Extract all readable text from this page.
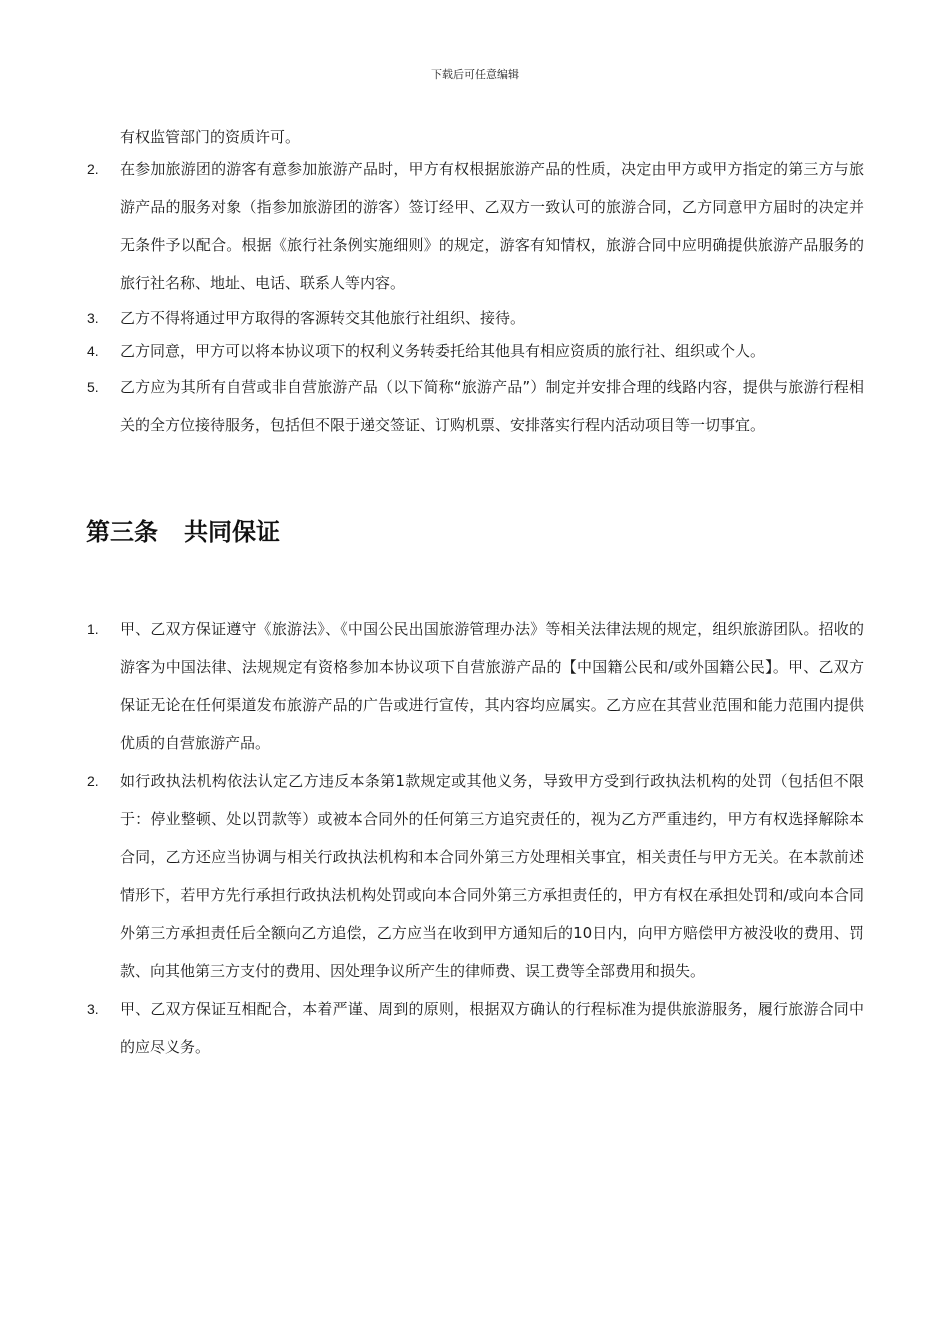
下载后可任意编辑
有权监管部门的资质许可。
2. 在参加旅游团的游客有意参加旅游产品时，甲方有权根据旅游产品的性质，决定由甲方或甲方指定的第三方与旅游产品的服务对象（指参加旅游团的游客）签订经甲、乙双方一致认可的旅游合同，乙方同意甲方届时的决定并无条件予以配合。根据《旅行社条例实施细则》的规定，游客有知情权，旅游合同中应明确提供旅游产品服务的旅行社名称、地址、电话、联系人等内容。
3. 乙方不得将通过甲方取得的客源转交其他旅行社组织、接待。
4. 乙方同意，甲方可以将本协议项下的权利义务转委托给其他具有相应资质的旅行社、组织或个人。
5. 乙方应为其所有自营或非自营旅游产品（以下简称“旅游产品”）制定并安排合理的线路内容，提供与旅游行程相关的全方位接待服务，包括但不限于递交签证、订购机票、安排落实行程内活动项目等一切事宜。
第三条 共同保证
1. 甲、乙双方保证遵守《旅游法》、《中国公民出国旅游管理办法》等相关法律法规的规定，组织旅游团队。招收的游客为中国法律、法规规定有资格参加本协议项下自营旅游产品的【中国籍公民和/或外国籍公民】。甲、乙双方保证无论在任何渠道发布旅游产品的广告或进行宣传，其内容均应属实。乙方应在其营业范围和能力范围内提供优质的自营旅游产品。
2. 如行政执法机构依法认定乙方违反本条第1款规定或其他义务，导致甲方受到行政执法机构的处罚（包括但不限于：停业整顿、处以罚款等）或被本合同外的任何第三方追究责任的，视为乙方严重违约，甲方有权选择解除本合同，乙方还应当协调与相关行政执法机构和本合同外第三方处理相关事宜，相关责任与甲方无关。在本款前述情形下，若甲方先行承担行政执法机构处罚或向本合同外第三方承担责任的，甲方有权在承担处罚和/或向本合同外第三方承担责任后全额向乙方追偿，乙方应当在收到甲方通知后的10日内，向甲方赔偿甲方被没收的费用、罚款、向其他第三方支付的费用、因处理争议所产生的律师费、误工费等全部费用和损失。
3. 甲、乙双方保证互相配合，本着严谨、周到的原则，根据双方确认的行程标准为提供旅游服务，履行旅游合同中的应尽义务。
